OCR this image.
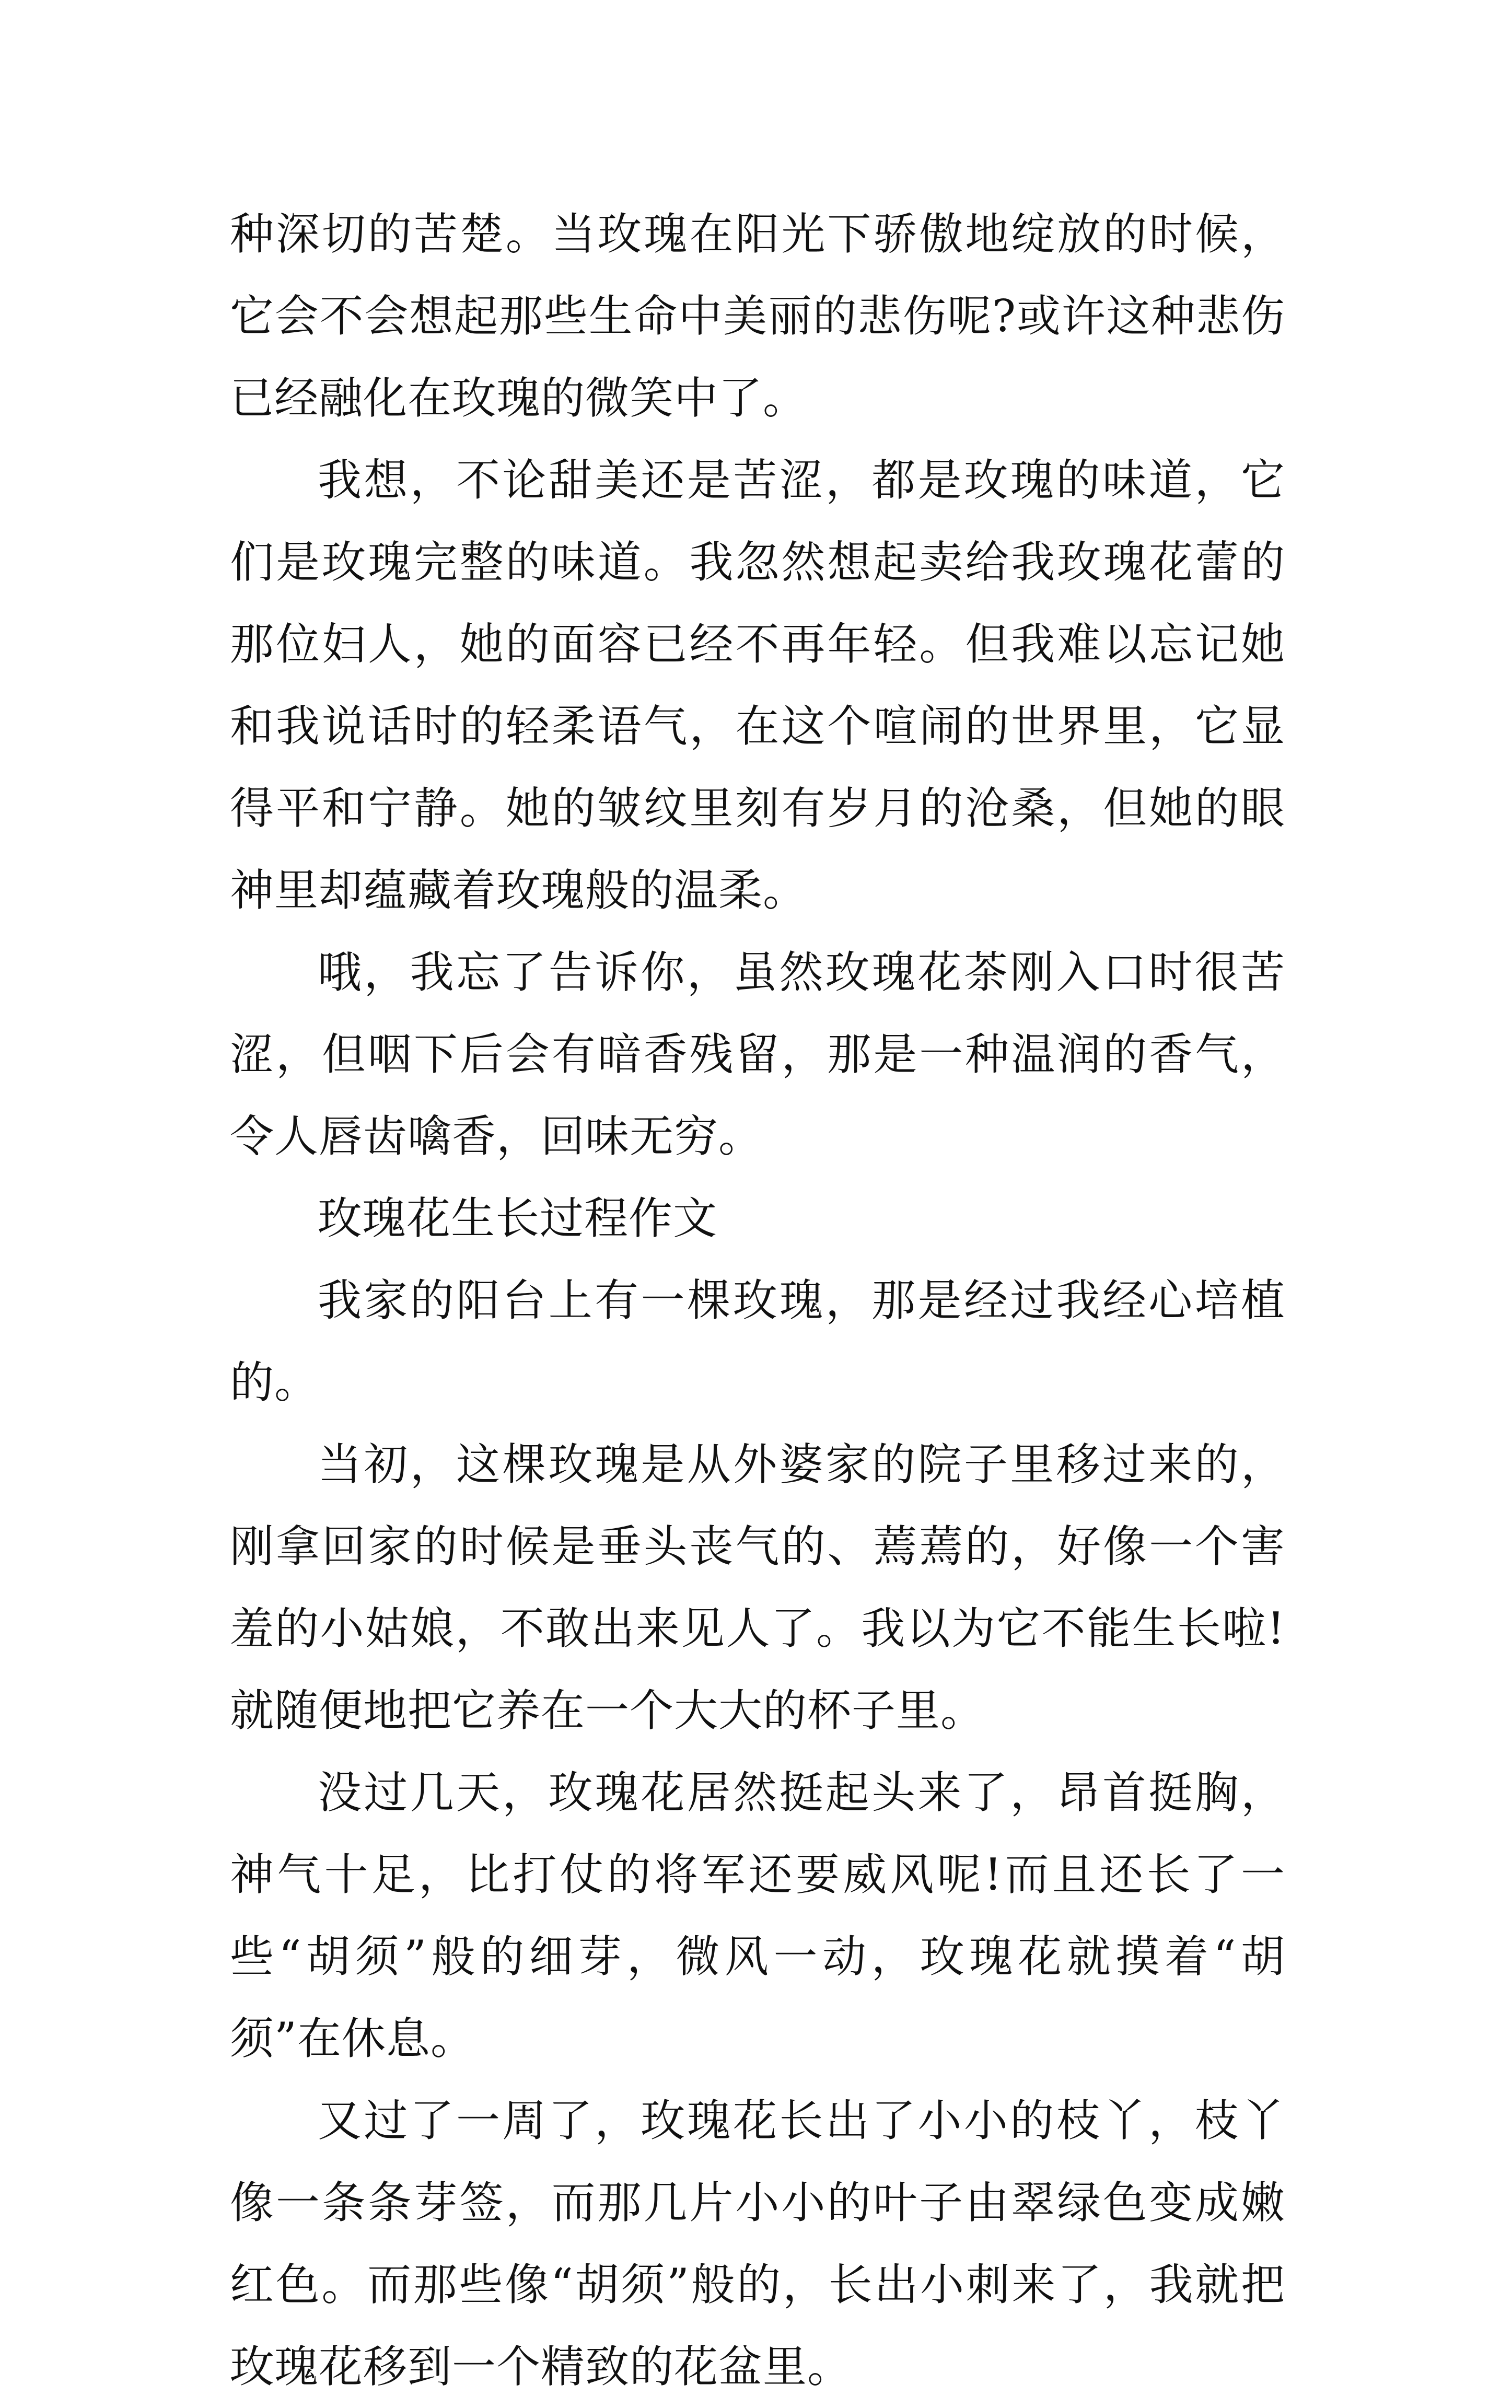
种深切的苦楚。当玫瑰在阳光下骄傲地绽放的时候，它会不会想起那些生命中美丽的悲伤呢?或许这种悲伤已经融化在玫瑰的微笑中了。

我想，不论甜美还是苦涩，都是玫瑰的味道，它们是玫瑰完整的味道。我忽然想起卖给我玫瑰花蕾的那位妇人，她的面容已经不再年轻。但我难以忘记她和我说话时的轻柔语气，在这个喧闹的世界里，它显得平和宁静。她的皱纹里刻有岁月的沧桑，但她的眼神里却蕴藏着玫瑰般的温柔。

哦，我忘了告诉你，虽然玫瑰花茶刚入口时很苦涩，但咽下后会有暗香残留，那是一种温润的香气，令人唇齿噙香，回味无穷。

玫瑰花生长过程作文

我家的阳台上有一棵玫瑰，那是经过我经心培植的。

当初，这棵玫瑰是从外婆家的院子里移过来的，刚拿回家的时候是垂头丧气的、蔫蔫的，好像一个害羞的小姑娘，不敢出来见人了。我以为它不能生长啦!就随便地把它养在一个大大的杯子里。

没过几天，玫瑰花居然挺起头来了，昂首挺胸，神气十足，比打仗的将军还要威风呢!而且还长了一些“胡须”般的细芽，微风一动，玫瑰花就摸着“胡须”在休息。

又过了一周了，玫瑰花长出了小小的枝丫，枝丫像一条条芽签，而那几片小小的叶子由翠绿色变成嫩红色。而那些像“胡须”般的，长出小刺来了，我就把玫瑰花移到一个精致的花盆里。
